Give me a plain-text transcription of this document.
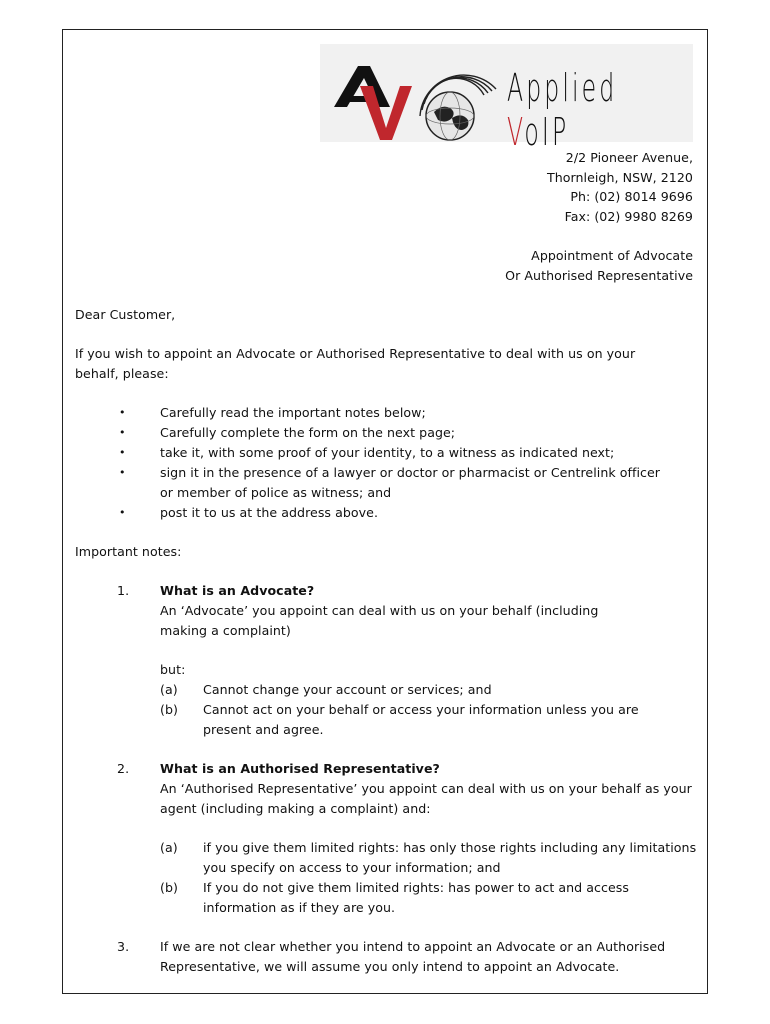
Applied VoIP
2/2 Pioneer Avenue,
Thornleigh, NSW, 2120
Ph: (02) 8014 9696
Fax: (02) 9980 8269
Appointment of Advocate
Or Authorised Representative
Dear Customer,
If you wish to appoint an Advocate or Authorised Representative to deal with us on your
behalf, please:
•	Carefully read the important notes below;
•	Carefully complete the form on the next page;
•	take it, with some proof of your identity, to a witness as indicated next;
•	sign it in the presence of a lawyer or doctor or pharmacist or Centrelink officer
or member of police as witness; and
•	post it to us at the address above.
Important notes:
1. What is an Advocate?
An ‘Advocate’ you appoint can deal with us on your behalf (including
making a complaint)
but:
(a) Cannot change your account or services; and
(b) Cannot act on your behalf or access your information unless you are
present and agree.
2. What is an Authorised Representative?
An ‘Authorised Representative’ you appoint can deal with us on your behalf as your
agent (including making a complaint) and:
(a) if you give them limited rights: has only those rights including any limitations
you specify on access to your information; and
(b) If you do not give them limited rights: has power to act and access
information as if they are you.
3. If we are not clear whether you intend to appoint an Advocate or an Authorised
Representative, we will assume you only intend to appoint an Advocate.
